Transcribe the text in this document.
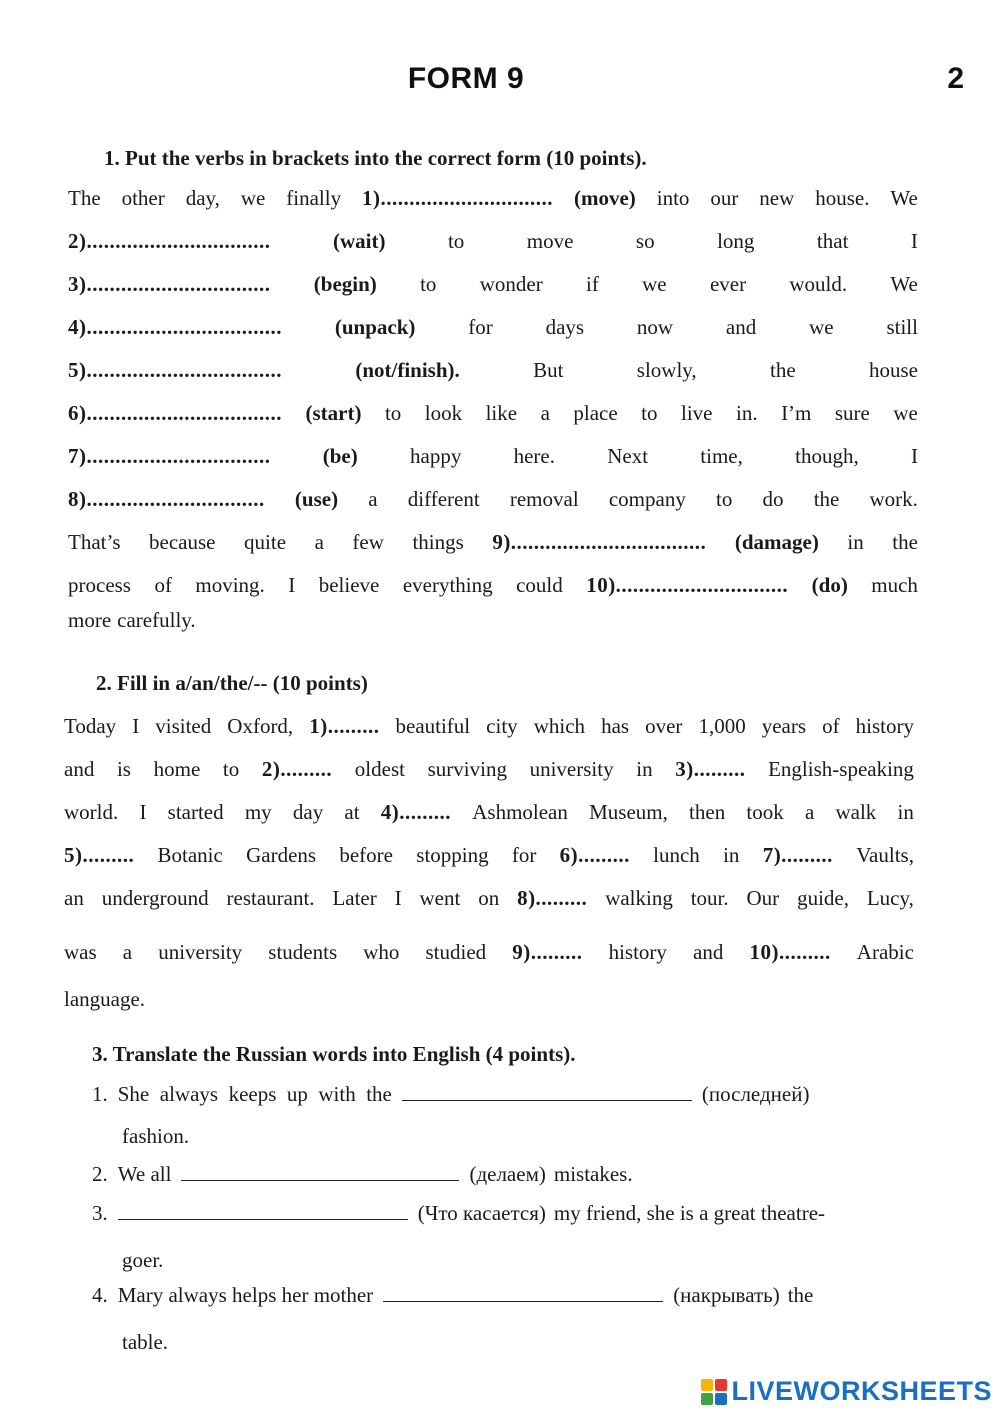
FORM 9	2
1. Put the verbs in brackets into the correct form (10 points).
The other day, we finally 1).............................. (move) into our new house. We
2)................................	(wait)	to	move	so	long	that	I
3)................................ (begin) to wonder if we ever would. We
4)..................................	(unpack)	for	days	now	and	we	still
5)..................................	(not/finish).	But	slowly,	the	house
6).................................. (start) to look like a place to live in. I’m sure we
7)................................ (be) happy here. Next time, though, I
8)............................... (use) a different removal company to do the work.
That’s because quite a few things 9).................................. (damage) in the
process of moving. I believe everything could 10).............................. (do) much
more carefully.
2. Fill in a/an/the/-- (10 points)
Today I visited Oxford, 1)......... beautiful city which has over 1,000 years of history
and is home to 2)......... oldest surviving university in 3)......... English-speaking
world. I started my day at 4)......... Ashmolean Museum, then took a walk in
5)......... Botanic Gardens before stopping for 6)......... lunch in 7)......... Vaults,
an underground restaurant. Later I went on 8)......... walking tour. Our guide, Lucy,
was a university students who studied 9)......... history and 10)......... Arabic
language.
3. Translate the Russian words into English (4 points).
1. She  always  keeps  up  with  the	(последней)
fashion.
2. We all	(делаем) mistakes.
3.	(Что касается) my friend, she is a great theatre-
goer.
4. Mary always helps her mother	(накрывать) the
table.
LIVEWORKSHEETS
